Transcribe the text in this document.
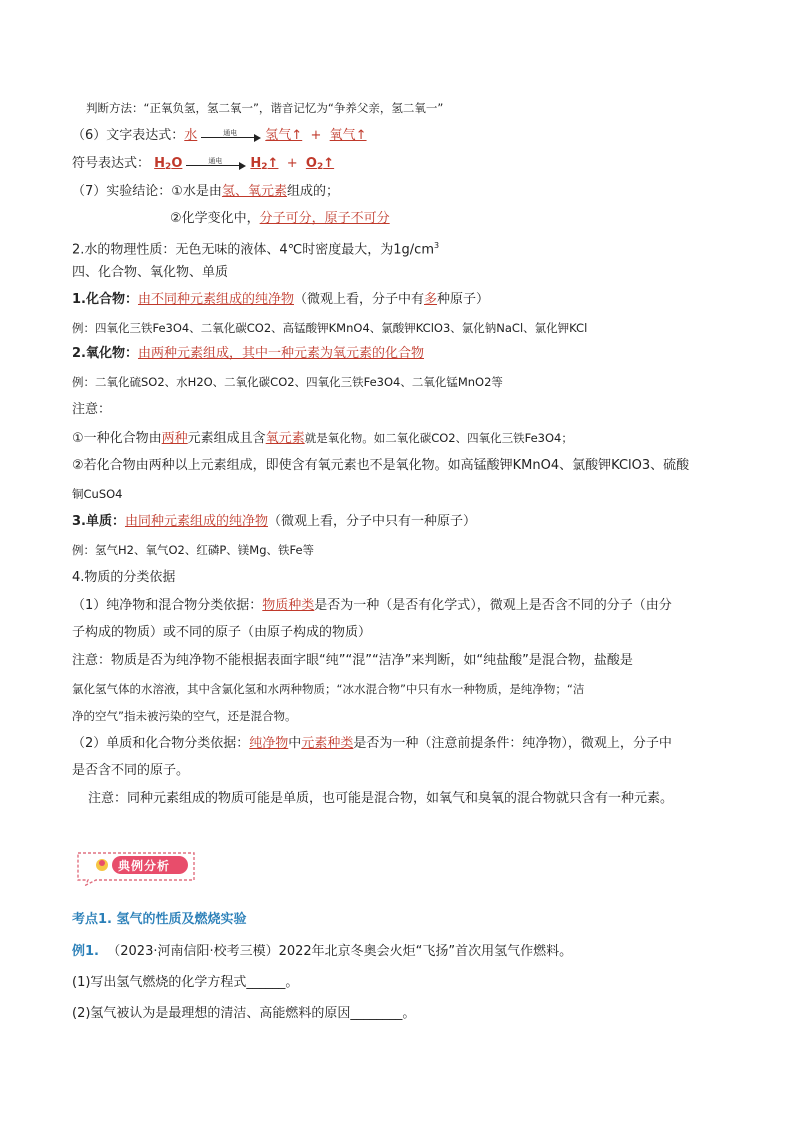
判断方法：“正氧负氢，氢二氧一”，谐音记忆为“争养父亲，氢二氧一”
（6）文字表达式：水	通电 氢气↑ + 氧气↑
符号表达式： $H_2O$	通电 $H_2↑$ + $O_2↑$
（7）实验结论：①水是由氢、氧元素组成的；
②化学变化中，分子可分，原子不可分
2.水的物理性质：无色无味的液体、4℃时密度最大，为$1g/cm^3$
四、化合物、氧化物、单质
1.化合物：由不同种元素组成的纯净物（微观上看，分子中有多种原子）
例：四氧化三铁Fe3O4、二氧化碳CO2、高锰酸钾KMnO4、氯酸钾KClO3、氯化钠NaCl、氯化钾KCl
2.氧化物：由两种元素组成，其中一种元素为氧元素的化合物
例：二氧化硫SO2、水H2O、二氧化碳CO2、四氧化三铁Fe3O4、二氧化锰MnO2等
注意：
①一种化合物由两种元素组成且含氧元素就是氧化物。如二氧化碳CO2、四氧化三铁Fe3O4；
②若化合物由两种以上元素组成，即使含有氧元素也不是氧化物。如高锰酸钾KMnO4、氯酸钾KClO3、硫酸
铜CuSO4
3.单质：由同种元素组成的纯净物（微观上看，分子中只有一种原子）
例：氢气H2、氧气O2、红磷P、镁Mg、铁Fe等
4.物质的分类依据
（1）纯净物和混合物分类依据：物质种类是否为一种（是否有化学式），微观上是否含不同的分子（由分
子构成的物质）或不同的原子（由原子构成的物质）
注意：物质是否为纯净物不能根据表面字眼“纯”“混”“洁净”来判断，如“纯盐酸”是混合物，盐酸是
氯化氢气体的水溶液，其中含氯化氢和水两种物质；“冰水混合物”中只有水一种物质，是纯净物；“洁
净的空气”指未被污染的空气，还是混合物。
（2）单质和化合物分类依据：纯净物中元素种类是否为一种（注意前提条件：纯净物），微观上，分子中
是否含不同的原子。
注意：同种元素组成的物质可能是单质，也可能是混合物，如氧气和臭氧的混合物就只含有一种元素。
典例分析
考点1. 氢气的性质及燃烧实验
例1. （2023·河南信阳·校考三模）2022年北京冬奥会火炬“飞扬”首次用氢气作燃料。
(1)写出氢气燃烧的化学方程式______。
(2)氢气被认为是最理想的清洁、高能燃料的原因________。
